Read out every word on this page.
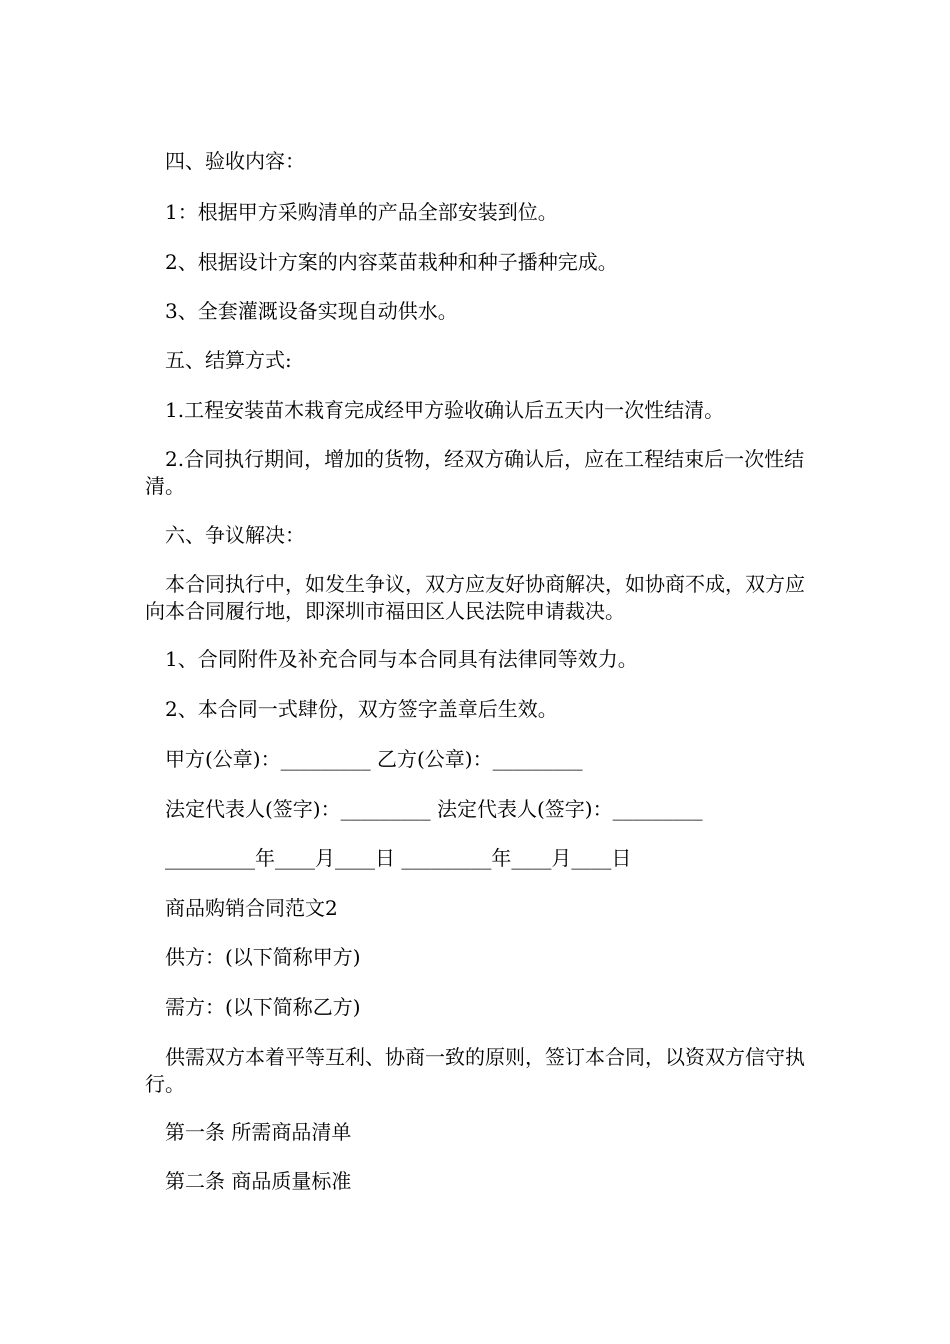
　四、验收内容：

　1：根据甲方采购清单的产品全部安装到位。

　2、根据设计方案的内容菜苗栽种和种子播种完成。

　3、全套灌溉设备实现自动供水。

　五、结算方式:

　1.工程安装苗木栽育完成经甲方验收确认后五天内一次性结清。

　2.合同执行期间，增加的货物，经双方确认后，应在工程结束后一次性结清。

　六、争议解决：

　本合同执行中，如发生争议，双方应友好协商解决，如协商不成，双方应向本合同履行地，即深圳市福田区人民法院申请裁决。

　1、合同附件及补充合同与本合同具有法律同等效力。

　2、本合同一式肆份，双方签字盖章后生效。

　甲方(公章)：_________ 乙方(公章)：_________

　法定代表人(签字)：_________ 法定代表人(签字)：_________

　_________年____月____日 _________年____月____日

　商品购销合同范文2

　供方：(以下简称甲方)

　需方：(以下简称乙方)

　供需双方本着平等互利、协商一致的原则，签订本合同，以资双方信守执行。

　第一条 所需商品清单

　第二条 商品质量标准
